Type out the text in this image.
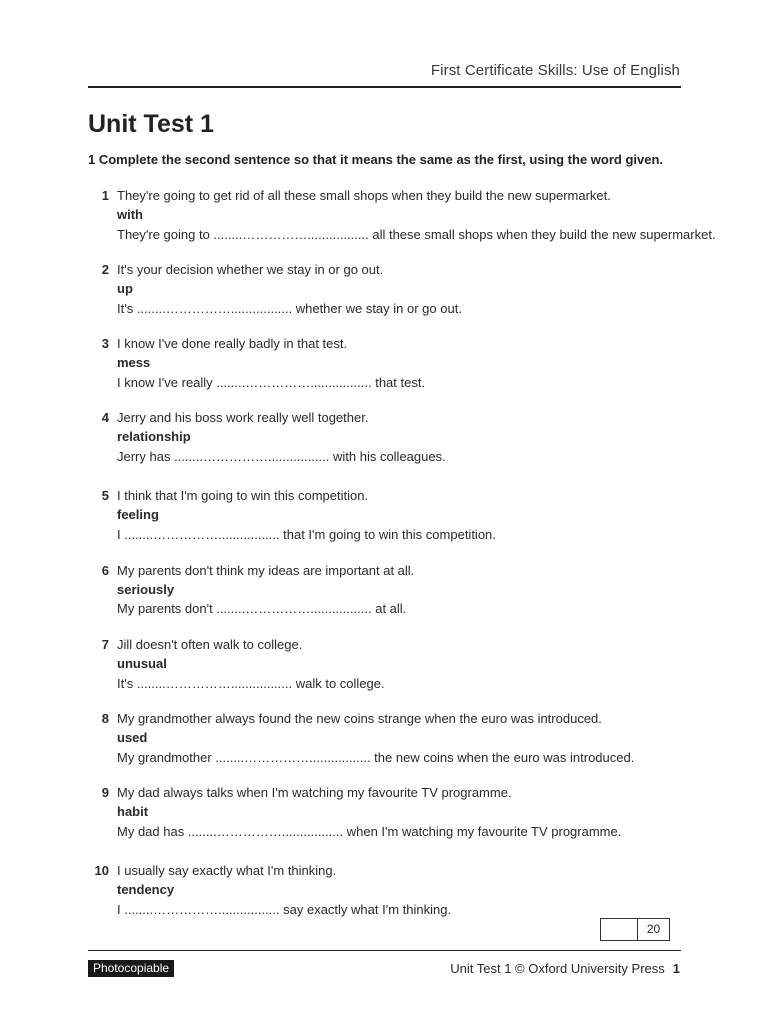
First Certificate Skills: Use of English
Unit Test 1
1 Complete the second sentence so that it means the same as the first, using the word given.
1 They're going to get rid of all these small shops when they build the new supermarket.
with
They're going to ........……………................. all these small shops when they build the new supermarket.
2 It's your decision whether we stay in or go out.
up
It's ........……………................. whether we stay in or go out.
3 I know I've done really badly in that test.
mess
I know I've really ........……………................. that test.
4 Jerry and his boss work really well together.
relationship
Jerry has ........……………................. with his colleagues.
5 I think that I'm going to win this competition.
feeling
I ........……………................. that I'm going to win this competition.
6 My parents don't think my ideas are important at all.
seriously
My parents don't ........……………................. at all.
7 Jill doesn't often walk to college.
unusual
It's ........……………................. walk to college.
8 My grandmother always found the new coins strange when the euro was introduced.
used
My grandmother ........……………................. the new coins when the euro was introduced.
9 My dad always talks when I'm watching my favourite TV programme.
habit
My dad has ........……………................. when I'm watching my favourite TV programme.
10 I usually say exactly what I'm thinking.
tendency
I ........……………................. say exactly what I'm thinking.
20
Photocopiable	Unit Test 1 © Oxford University Press 1
